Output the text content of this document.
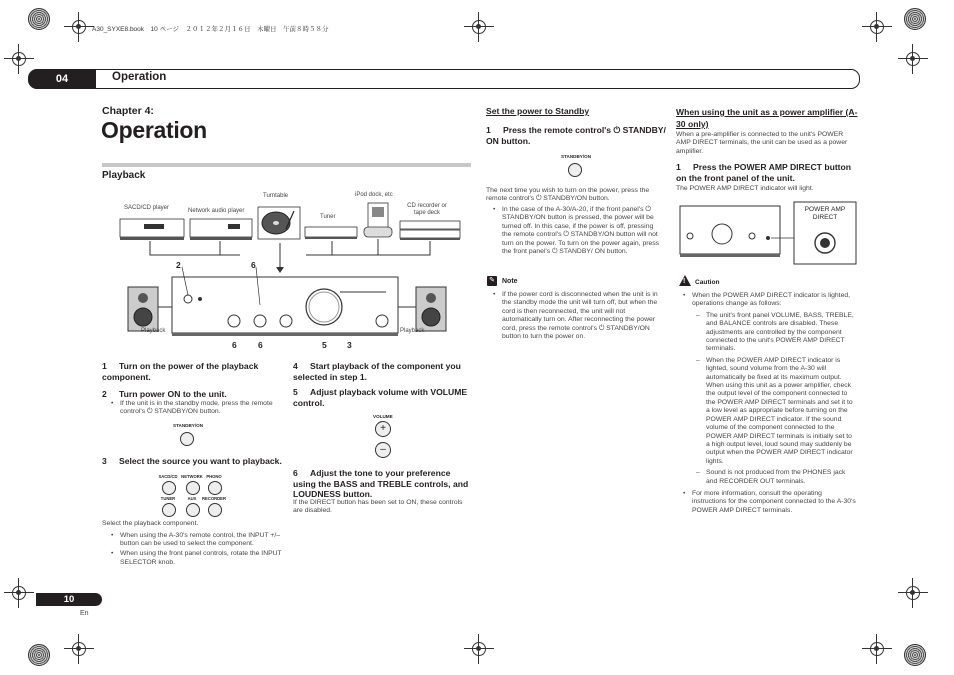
A30_SYXE8.book　10 ページ　２０１２年２月１６日　木曜日　午前８時５８分
04	Operation
Chapter 4:
Operation
Playback
SACD/CD player	Network audio player
Turntable
Tuner
iPod dock, etc
CD recorder or tape deck
2	6
6	6	5 3
Playback	Playback
1 Turn on the power of the playback component.
2 Turn power ON to the unit.
• If the unit is in the standby mode, press the remote control's ⏻ STANDBY/ON button.
STANDBY/ON
3 Select the source you want to playback.
SACD/CD NETWORK PHONO
TUNER	AUX	RECORDER
Select the playback component.
• When using the A-30's remote control, the INPUT +/– button can be used to select the component.
• When using the front panel controls, rotate the INPUT SELECTOR knob.
4 Start playback of the component you selected in step 1.
5 Adjust playback volume with VOLUME control.
VOLUME
+
–
6 Adjust the tone to your preference using the BASS and TREBLE controls, and LOUDNESS button.
If the DIRECT button has been set to ON, these controls are disabled.
Set the power to Standby
1 Press the remote control's ⏻ STANDBY/ ON button.
STANDBY/ON
The next time you wish to turn on the power, press the remote control's ⏻ STANDBY/ON button.
• In the case of the A-30/A-20, if the front panel's ⏻ STANDBY/ON button is pressed, the power will be turned off. In this case, if the power is off, pressing the remote control's ⏻ STANDBY/ON button will not turn on the power. To turn on the power again, press the front panel's ⏻ STANDBY/ ON button.
✎ Note
• If the power cord is disconnected when the unit is in the standby mode the unit will turn off, but when the cord is then reconnected, the unit will not automatically turn on. After reconnecting the power cord, press the remote control's ⏻ STANDBY/ON button to turn the power on.
When using the unit as a power amplifier (A-30 only)
When a pre-amplifier is connected to the unit's POWER AMP DIRECT terminals, the unit can be used as a power amplifier.
1 Press the POWER AMP DIRECT button on the front panel of the unit.
The POWER AMP DIRECT indicator will light.
POWER AMP DIRECT
! Caution
• When the POWER AMP DIRECT indicator is lighted, operations change as follows:
– The unit's front panel VOLUME, BASS, TREBLE, and BALANCE controls are disabled. These adjustments are controlled by the component connected to the unit's POWER AMP DIRECT terminals.
– When the POWER AMP DIRECT indicator is lighted, sound volume from the A-30 will automatically be fixed at its maximum output. When using this unit as a power amplifier, check the output level of the component connected to the POWER AMP DIRECT terminals and set it to a low level as appropriate before turning on the POWER AMP DIRECT indicator. If the sound volume of the component connected to the POWER AMP DIRECT terminals is initially set to a high output level, loud sound may suddenly be output when the POWER AMP DIRECT indicator lights.
– Sound is not produced from the PHONES jack and RECORDER OUT terminals.
• For more information, consult the operating instructions for the component connected to the A-30's POWER AMP DIRECT terminals.
10
En
